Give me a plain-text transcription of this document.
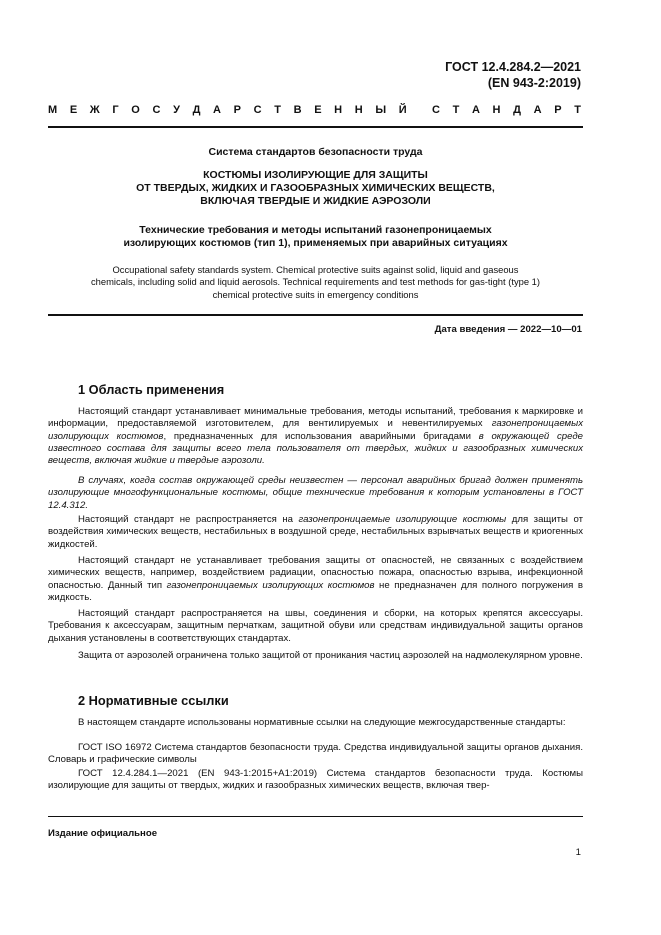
ГОСТ 12.4.284.2—2021
(EN 943-2:2019)
М Е Ж Г О С У Д А Р С Т В Е Н Н Ы Й С Т А Н Д А Р Т
Система стандартов безопасности труда
КОСТЮМЫ ИЗОЛИРУЮЩИЕ ДЛЯ ЗАЩИТЫ
ОТ ТВЕРДЫХ, ЖИДКИХ И ГАЗООБРАЗНЫХ ХИМИЧЕСКИХ ВЕЩЕСТВ,
ВКЛЮЧАЯ ТВЕРДЫЕ И ЖИДКИЕ АЭРОЗОЛИ
Технические требования и методы испытаний газонепроницаемых
изолирующих костюмов (тип 1), применяемых при аварийных ситуациях
Occupational safety standards system. Chemical protective suits against solid, liquid and gaseous
chemicals, including solid and liquid aerosols. Technical requirements and test methods for gas-tight (type 1)
chemical protective suits in emergency conditions
Дата введения — 2022—10—01
1 Область применения

Настоящий стандарт устанавливает минимальные требования, методы испытаний, требования к маркировке и информации, предоставляемой изготовителем, для вентилируемых и невентилируемых газонепроницаемых изолирующих костюмов, предназначенных для использования аварийными бригадами в окружающей среде известного состава для защиты всего тела пользователя от твердых, жидких и газообразных химических веществ, включая жидкие и твердые аэрозоли.

В случаях, когда состав окружающей среды неизвестен — персонал аварийных бригад должен применять изолирующие многофункциональные костюмы, общие технические требования к которым установлены в ГОСТ 12.4.312.

Настоящий стандарт не распространяется на газонепроницаемые изолирующие костюмы для защиты от воздействия химических веществ, нестабильных в воздушной среде, нестабильных взрывчатых веществ и криогенных жидкостей.

Настоящий стандарт не устанавливает требования защиты от опасностей, не связанных с воздействием химических веществ, например, воздействием радиации, опасностью пожара, опасностью взрыва, инфекционной опасностью. Данный тип газонепроницаемых изолирующих костюмов не предназначен для полного погружения в жидкость.

Настоящий стандарт распространяется на швы, соединения и сборки, на которых крепятся аксессуары. Требования к аксессуарам, защитным перчаткам, защитной обуви или средствам индивидуальной защиты органов дыхания установлены в соответствующих стандартах.

Защита от аэрозолей ограничена только защитой от проникания частиц аэрозолей на надмолекулярном уровне.

2 Нормативные ссылки

В настоящем стандарте использованы нормативные ссылки на следующие межгосударственные стандарты:

ГОСТ ISO 16972 Система стандартов безопасности труда. Средства индивидуальной защиты органов дыхания. Словарь и графические символы

ГОСТ 12.4.284.1—2021 (EN 943-1:2015+A1:2019) Система стандартов безопасности труда. Костюмы изолирующие для защиты от твердых, жидких и газообразных химических веществ, включая твер-

Издание официальное
1
